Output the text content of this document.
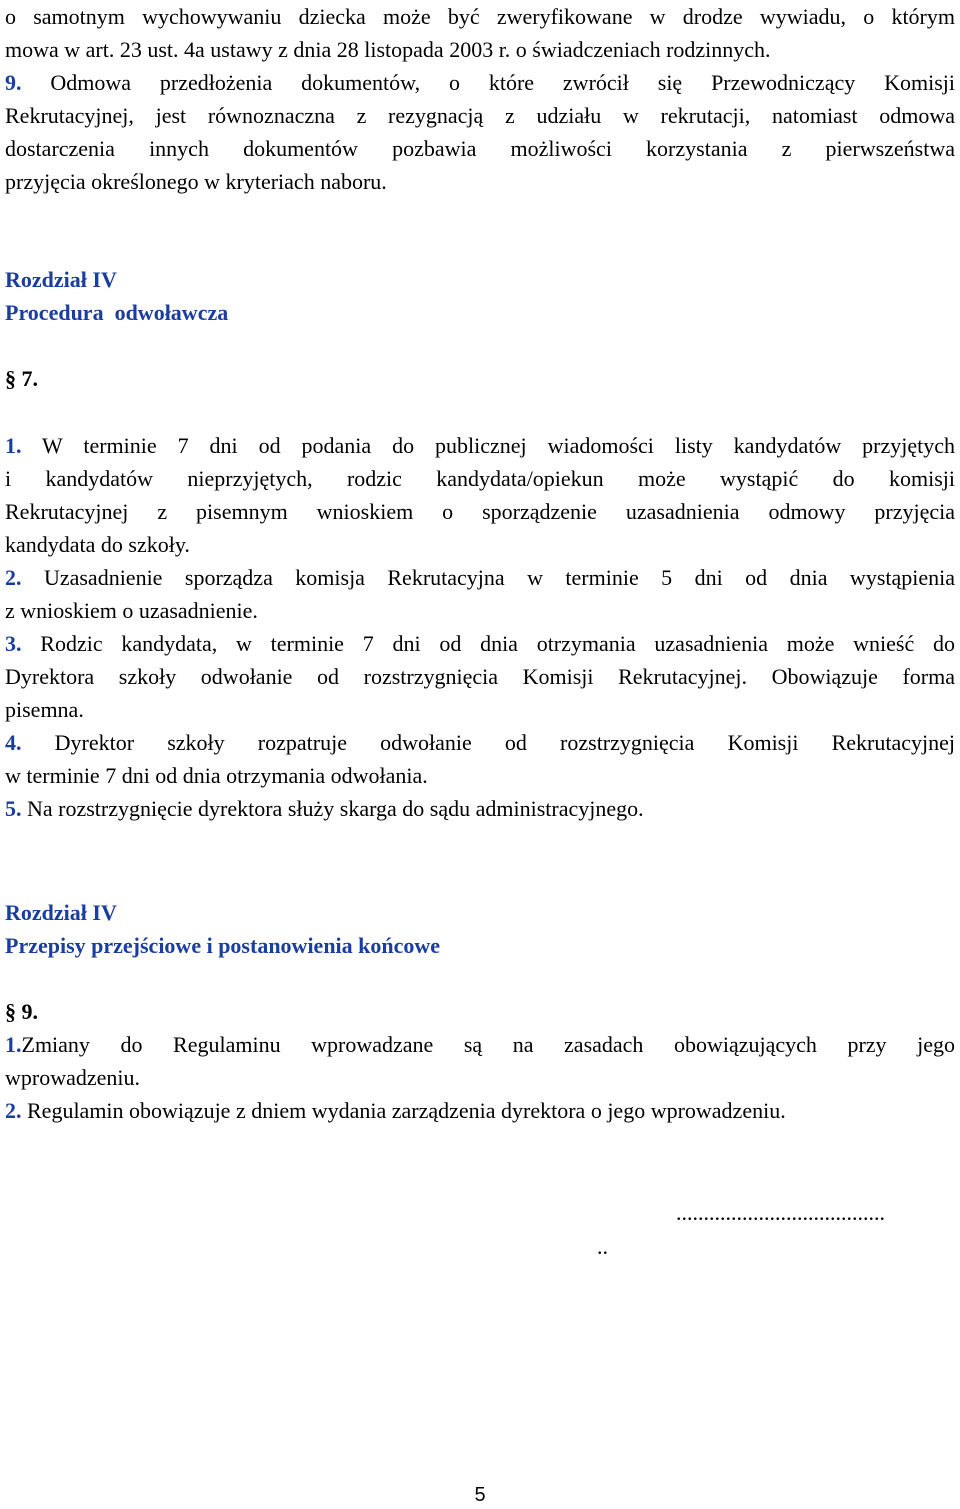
o samotnym wychowywaniu dziecka może być zweryfikowane w drodze wywiadu, o którym
mowa w art. 23 ust. 4a ustawy z dnia 28 listopada 2003 r. o świadczeniach rodzinnych.
9. Odmowa przedłożenia dokumentów, o które zwrócił się Przewodniczący Komisji
Rekrutacyjnej, jest równoznaczna z rezygnacją z udziału w rekrutacji, natomiast odmowa
dostarczenia innych dokumentów pozbawia możliwości korzystania z pierwszeństwa
przyjęcia określonego w kryteriach naboru.
Rozdział IV
Procedura  odwoławcza
§ 7.
1. W terminie 7 dni od podania do publicznej wiadomości listy kandydatów przyjętych
i kandydatów nieprzyjętych, rodzic kandydata/opiekun może wystąpić do komisji
Rekrutacyjnej z pisemnym wnioskiem o sporządzenie uzasadnienia odmowy przyjęcia
kandydata do szkoły.
2. Uzasadnienie sporządza komisja Rekrutacyjna w terminie 5 dni od dnia wystąpienia
z wnioskiem o uzasadnienie.
3. Rodzic kandydata, w terminie 7 dni od dnia otrzymania uzasadnienia może wnieść do
Dyrektora szkoły odwołanie od rozstrzygnięcia Komisji Rekrutacyjnej. Obowiązuje forma
pisemna.
4. Dyrektor szkoły rozpatruje odwołanie od rozstrzygnięcia Komisji Rekrutacyjnej
w terminie 7 dni od dnia otrzymania odwołania.
5. Na rozstrzygnięcie dyrektora służy skarga do sądu administracyjnego.
Rozdział IV
Przepisy przejściowe i postanowienia końcowe
§ 9.
1.Zmiany do Regulaminu wprowadzane są na zasadach obowiązujących przy jego
wprowadzeniu.
2. Regulamin obowiązuje z dniem wydania zarządzenia dyrektora o jego wprowadzeniu.
......................................
..
5
